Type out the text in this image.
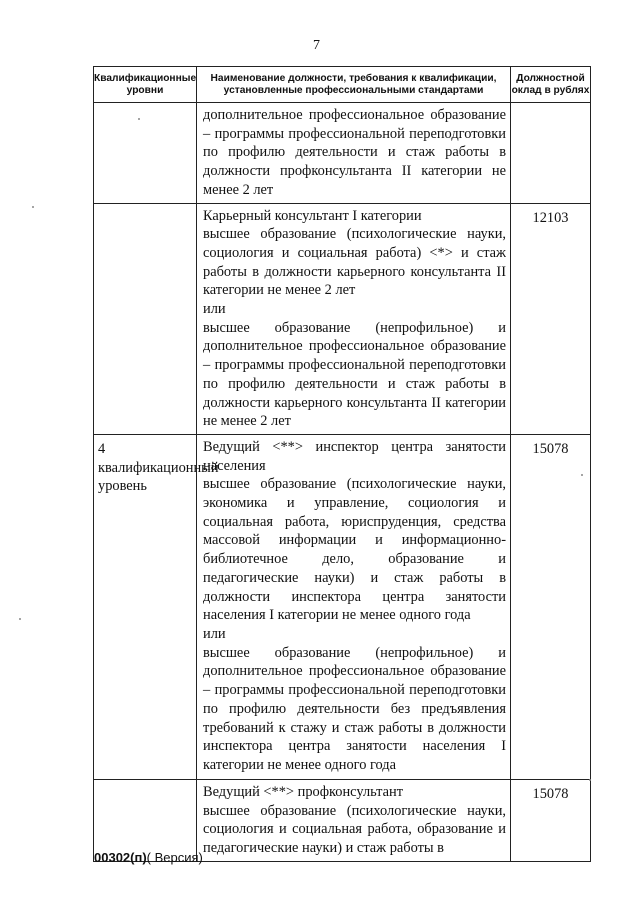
7
Квалификационные уровни	Наименование должности, требования к квалификации, установленные профессиональными стандартами	Должностной оклад в рублях
	дополнительное профессиональное образование – программы профессиональной переподготовки по профилю деятельности и стаж работы в должности профконсультанта II категории не менее 2 лет	
	Карьерный консультант I категории
высшее образование (психологические науки, социология и социальная работа) <*> и стаж работы в должности карьерного консультанта II категории не менее 2 лет
или
высшее образование (непрофильное) и дополнительное профессиональное образование – программы профессиональной переподготовки по профилю деятельности и стаж работы в должности карьерного консультанта II категории не менее 2 лет	12103
4
квалификационный уровень	Ведущий <**> инспектор центра занятости населения
высшее образование (психологические науки, экономика и управление, социология и социальная работа, юриспруденция, средства массовой информации и информационно-библиотечное дело, образование и педагогические науки) и стаж работы в должности инспектора центра занятости населения I категории не менее одного года
или
высшее образование (непрофильное) и дополнительное профессиональное образование – программы профессиональной переподготовки по профилю деятельности без предъявления требований к стажу и стаж работы в должности инспектора центра занятости населения I категории не менее одного года	15078
	Ведущий <**> профконсультант
высшее образование (психологические науки, социология и социальная работа, образование и педагогические науки) и стаж работы в	15078
00302(п)( Версия)
